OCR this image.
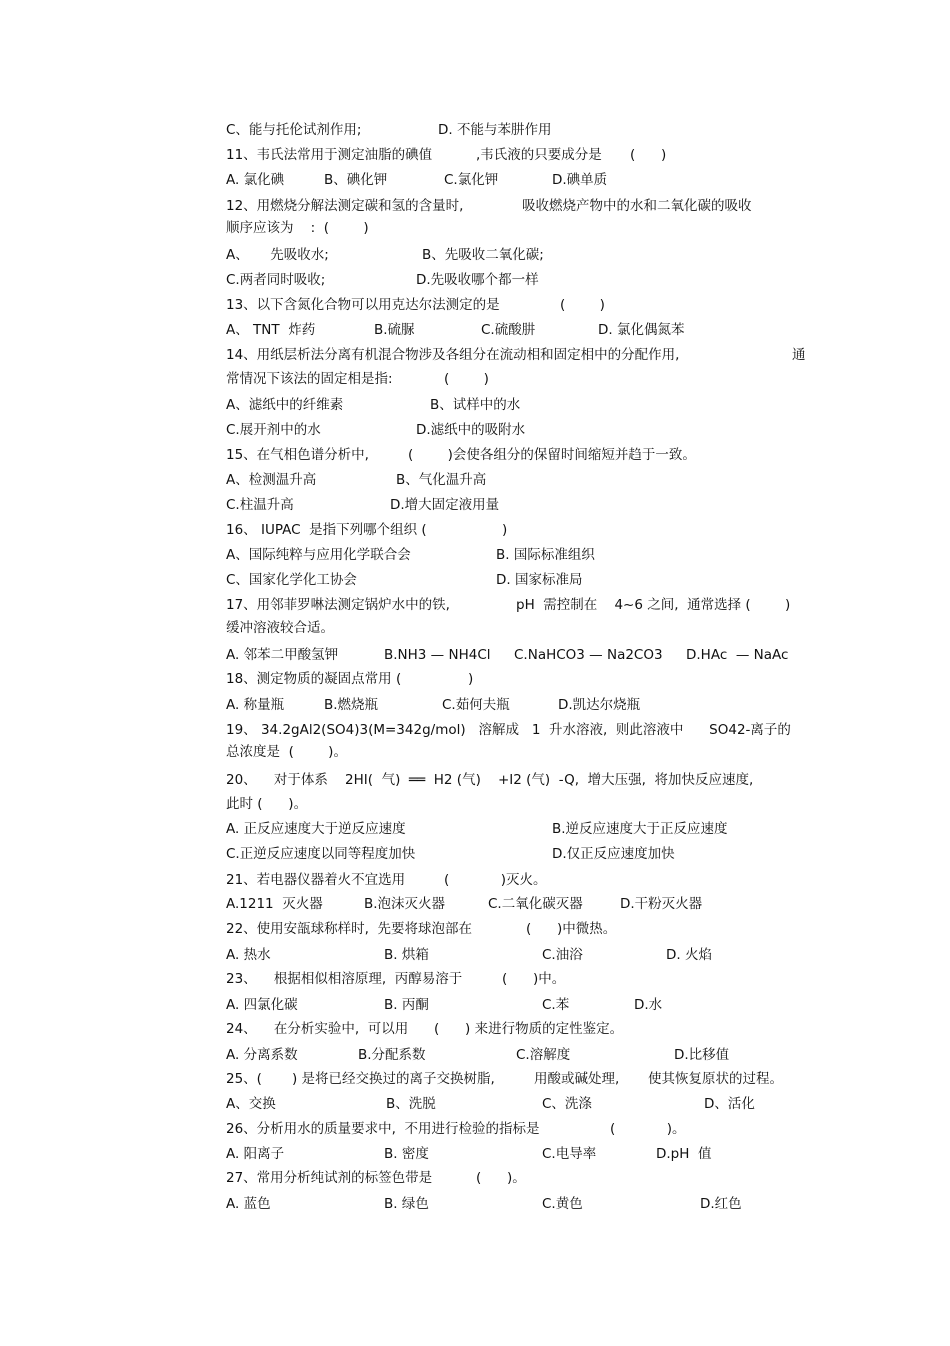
C、能与托伦试剂作用;	D. 不能与苯肼作用
11、韦氏法常用于测定油脂的碘值	,韦氏液的只要成分是 (      )
A. 氯化碘	B、碘化钾	C.氯化钾	D.碘单质
12、用燃烧分解法测定碳和氢的含量时,	吸收燃烧产物中的水和二氧化碳的吸收
顺序应该为    :  (        )
A、     先吸收水;	B、先吸收二氧化碳;
C.两者同时吸收;	D.先吸收哪个都一样
13、以下含氮化合物可以用克达尔法测定的是	(        )
A、 TNT  炸药	B.硫脲	C.硫酸肼	D. 氯化偶氮苯
14、用纸层析法分离有机混合物涉及各组分在流动相和固定相中的分配作用,	通
常情况下该法的固定相是指:	(        )
A、滤纸中的纤维素	B、试样中的水
C.展开剂中的水	D.滤纸中的吸附水
15、在气相色谱分析中,	(        )会使各组分的保留时间缩短并趋于一致。
A、检测温升高	B、气化温升高
C.柱温升高	D.增大固定液用量
16、 IUPAC  是指下列哪个组织 (	)
A、国际纯粹与应用化学联合会	B. 国际标准组织
C、国家化学化工协会	D. 国家标准局
17、用邻菲罗啉法测定锅炉水中的铁,	pH  需控制在    4~6 之间,  通常选择 (        )
缓冲溶液较合适。
A. 邻苯二甲酸氢钾	B.NH3 — NH4Cl C.NaHCO3 — Na2CO3 D.HAc  — NaAc
18、测定物质的凝固点常用 (	)
A. 称量瓶	B.燃烧瓶	C.茹何夫瓶	D.凯达尔烧瓶
19、 34.2gAl2(SO4)3(M=342g/mol)   溶解成   1  升水溶液,  则此溶液中      SO42-离子的
总浓度是  (        )。
20、    对于体系    2HI(  气)  ══  H2 (气)    +I2 (气)  -Q,  增大压强,  将加快反应速度,
此时 (      )。
A. 正反应速度大于逆反应速度	B.逆反应速度大于正反应速度
C.正逆反应速度以同等程度加快	D.仅正反应速度加快
21、若电器仪器着火不宜选用	(            )灭火。
A.1211  灭火器	B.泡沫灭火器	C.二氧化碳灭器	D.干粉灭火器
22、使用安瓿球称样时,  先要将球泡部在	(      )中微热。
A. 热水	B. 烘箱	C.油浴	D. 火焰
23、    根据相似相溶原理,  丙醇易溶于	(      )中。
A. 四氯化碳	B. 丙酮	C.苯	D.水
24、    在分析实验中,  可以用 (      ) 来进行物质的定性鉴定。
A. 分离系数	B.分配系数	C.溶解度	D.比移值
25、(       ) 是将已经交换过的离子交换树脂,	用酸或碱处理, 使其恢复原状的过程。
A、交换	B、洗脱	C、洗涤	D、活化
26、分析用水的质量要求中,  不用进行检验的指标是	(            )。
A. 阳离子	B. 密度	C.电导率	D.pH  值
27、常用分析纯试剂的标签色带是	(      )。
A. 蓝色	B. 绿色	C.黄色	D.红色
